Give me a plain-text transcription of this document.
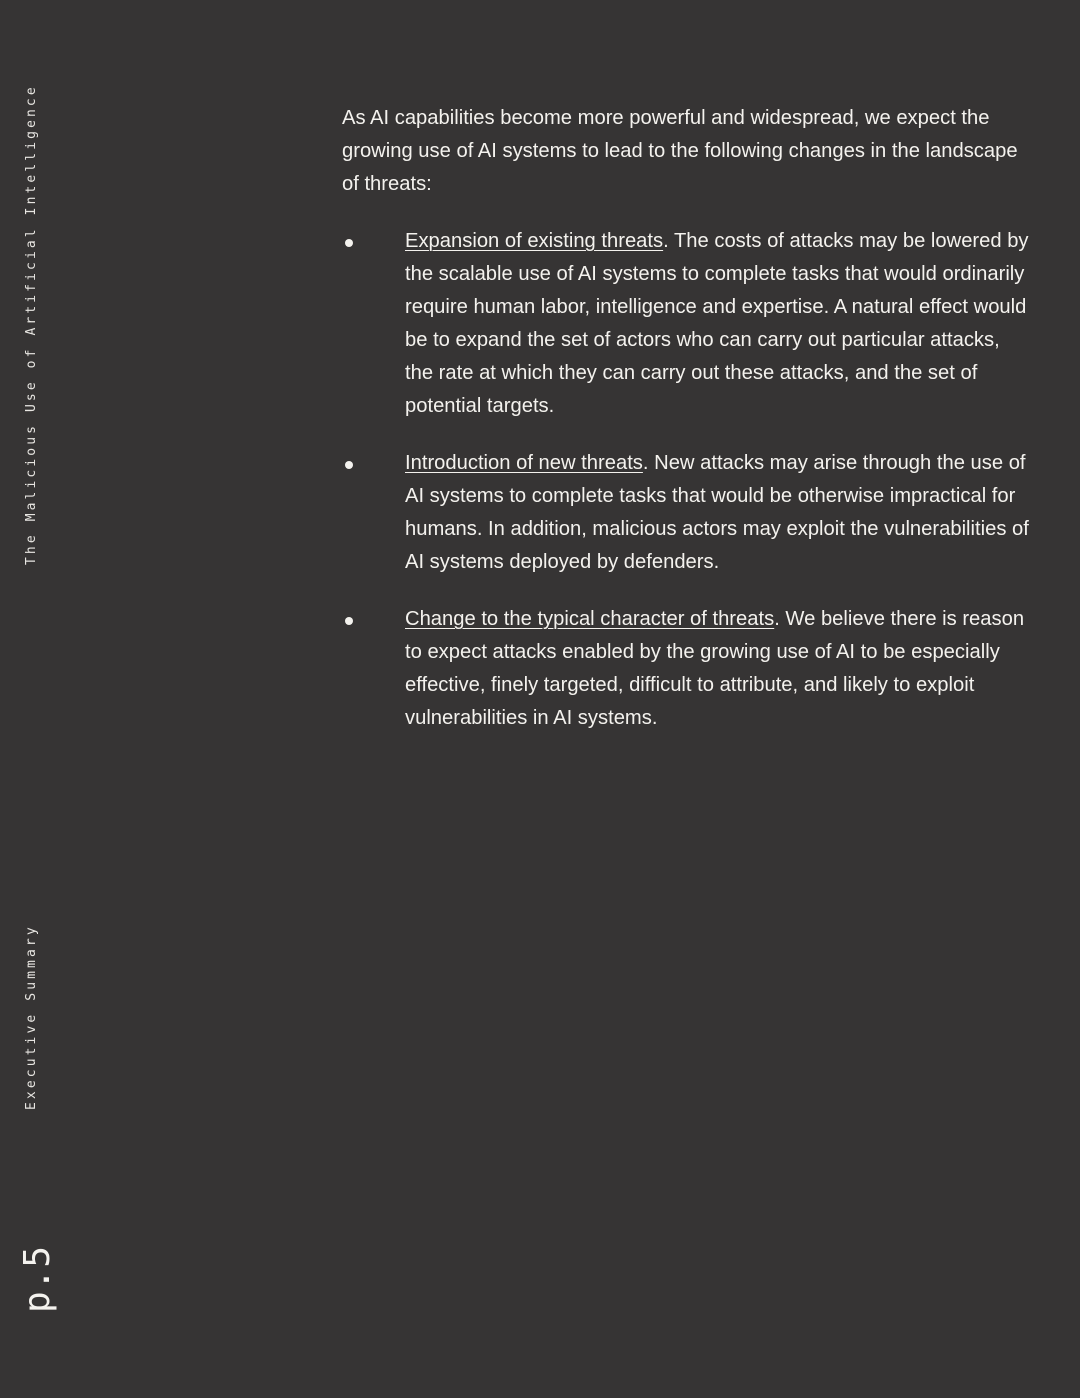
The Malicious Use of Artificial Intelligence
Executive Summary
p.5

As AI capabilities become more powerful and widespread, we expect the growing use of AI systems to lead to the following changes in the landscape of threats:

Expansion of existing threats. The costs of attacks may be lowered by the scalable use of AI systems to complete tasks that would ordinarily require human labor, intelligence and expertise. A natural effect would be to expand the set of actors who can carry out particular attacks, the rate at which they can carry out these attacks, and the set of potential targets.
Introduction of new threats. New attacks may arise through the use of AI systems to complete tasks that would be otherwise impractical for humans. In addition, malicious actors may exploit the vulnerabilities of AI systems deployed by defenders.
Change to the typical character of threats. We believe there is reason to expect attacks enabled by the growing use of AI to be especially effective, finely targeted, difficult to attribute, and likely to exploit vulnerabilities in AI systems.
